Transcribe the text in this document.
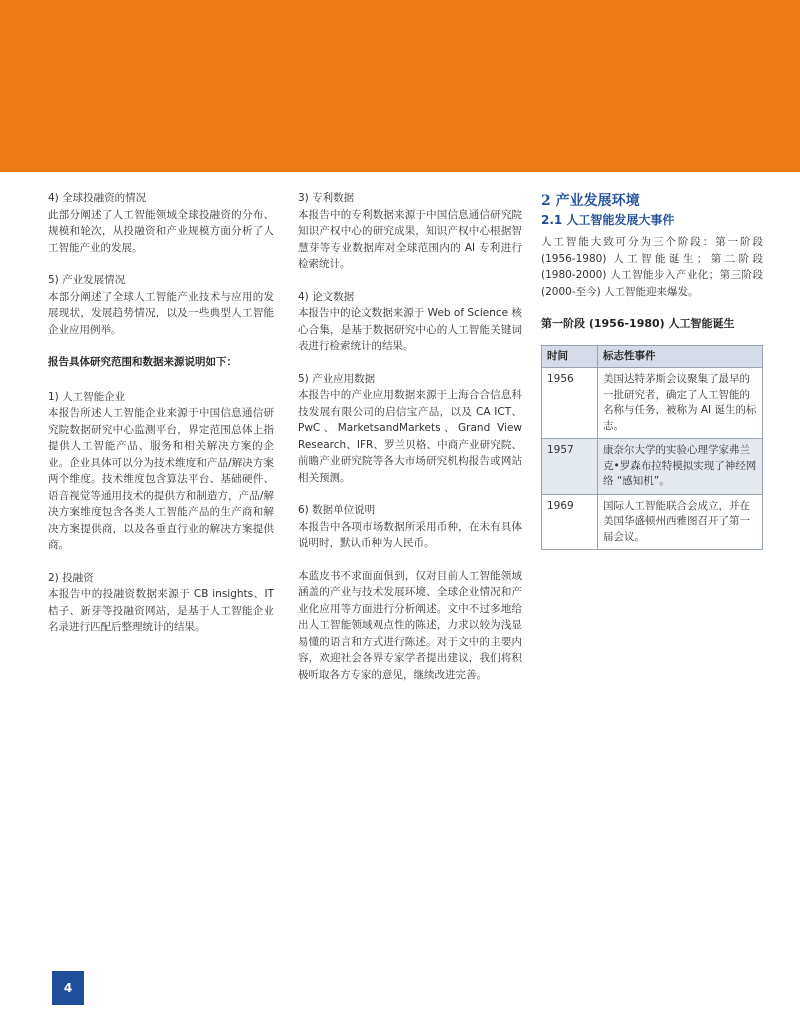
4) 全球投融资的情况

此部分阐述了人工智能领域全球投融资的分布、规模和轮次，从投融资和产业规模方面分析了人工智能产业的发展。

5) 产业发展情况

本部分阐述了全球人工智能产业技术与应用的发展现状，发展趋势情况，以及一些典型人工智能企业应用例举。

报告具体研究范围和数据来源说明如下：
1) 人工智能企业

本报告所述人工智能企业来源于中国信息通信研究院数据研究中心监测平台，界定范围总体上指提供人工智能产品、服务和相关解决方案的企业。企业具体可以分为技术维度和产品/解决方案两个维度。技术维度包含算法平台、基础硬件、语音视觉等通用技术的提供方和制造方，产品/解决方案维度包含各类人工智能产品的生产商和解决方案提供商，以及各垂直行业的解决方案提供商。

2) 投融资

本报告中的投融资数据来源于 CB insights、IT 桔子、新芽等投融资网站，是基于人工智能企业名录进行匹配后整理统计的结果。

3) 专利数据

本报告中的专利数据来源于中国信息通信研究院知识产权中心的研究成果，知识产权中心根据智慧芽等专业数据库对全球范围内的 AI 专利进行检索统计。

4) 论文数据

本报告中的论文数据来源于 Web of Science 核心合集，是基于数据研究中心的人工智能关键词表进行检索统计的结果。

5) 产业应用数据

本报告中的产业应用数据来源于上海合合信息科技发展有限公司的启信宝产品，以及 CA ICT、PwC、MarketsandMarkets、Grand View Research、IFR、罗兰贝格、中商产业研究院、前瞻产业研究院等各大市场研究机构报告或网站相关预测。

6) 数据单位说明

本报告中各项市场数据所采用币种，在未有具体说明时，默认币种为人民币。

本蓝皮书不求面面俱到，仅对目前人工智能领域涵盖的产业与技术发展环境、全球企业情况和产业化应用等方面进行分析阐述。文中不过多地给出人工智能领域观点性的陈述，力求以较为浅显易懂的语言和方式进行陈述。对于文中的主要内容，欢迎社会各界专家学者提出建议，我们将积极听取各方专家的意见，继续改进完善。

2 产业发展环境
2.1 人工智能发展大事件

人工智能大致可分为三个阶段：第一阶段 (1956-1980) 人工智能诞生；第二阶段 (1980-2000) 人工智能步入产业化；第三阶段 (2000-至今) 人工智能迎来爆发。

第一阶段 (1956-1980) 人工智能诞生
时间	标志性事件
1956	美国达特茅斯会议聚集了最早的一批研究者，确定了人工智能的名称与任务，被称为 AI 诞生的标志。
1957	康奈尔大学的实验心理学家弗兰克•罗森布拉特模拟实现了神经网络 “感知机”。
1969	国际人工智能联合会成立，并在美国华盛顿州西雅图召开了第一届会议。
4
